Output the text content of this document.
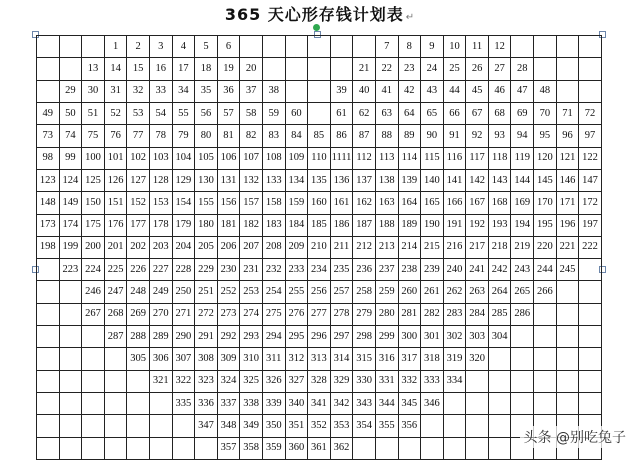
365 天心形存钱计划表 ↵
			1	2	3	4	5	6							7	8	9	10	11	12				
		13	14	15	16	17	18	19	20					21	22	23	24	25	26	27	28			
	29	30	31	32	33	34	35	36	37	38			39	40	41	42	43	44	45	46	47	48		
49	50	51	52	53	54	55	56	57	58	59	60		61	62	63	64	65	66	67	68	69	70	71	72
73	74	75	76	77	78	79	80	81	82	83	84	85	86	87	88	89	90	91	92	93	94	95	96	97
98	99	100	101	102	103	104	105	106	107	108	109	110	1111	112	113	114	115	116	117	118	119	120	121	122
123	124	125	126	127	128	129	130	131	132	133	134	135	136	137	138	139	140	141	142	143	144	145	146	147
148	149	150	151	152	153	154	155	156	157	158	159	160	161	162	163	164	165	166	167	168	169	170	171	172
173	174	175	176	177	178	179	180	181	182	183	184	185	186	187	188	189	190	191	192	193	194	195	196	197
198	199	200	201	202	203	204	205	206	207	208	209	210	211	212	213	214	215	216	217	218	219	220	221	222
	223	224	225	226	227	228	229	230	231	232	233	234	235	236	237	238	239	240	241	242	243	244	245	
		246	247	248	249	250	251	252	253	254	255	256	257	258	259	260	261	262	263	264	265	266		
		267	268	269	270	271	272	273	274	275	276	277	278	279	280	281	282	283	284	285	286			
			287	288	289	290	291	292	293	294	295	296	297	298	299	300	301	302	303	304				
				305	306	307	308	309	310	311	312	313	314	315	316	317	318	319	320					
					321	322	323	324	325	326	327	328	329	330	331	332	333	334						
						335	336	337	338	339	340	341	342	343	344	345	346							
							347	348	349	350	351	352	353	354	355	356								
								357	358	359	360	361	362											
头条 @别吃兔子
